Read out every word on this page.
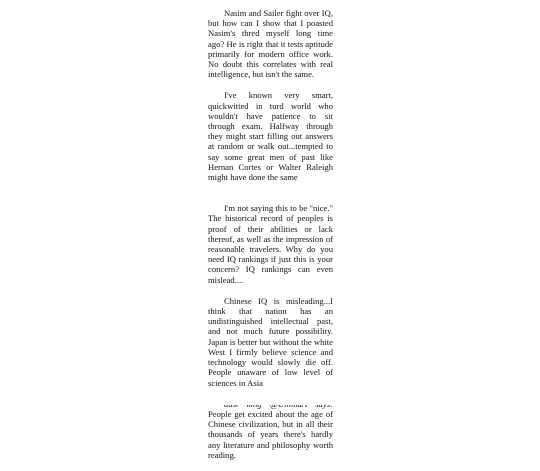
Nasim and Sailer fight over IQ, but how can I show that I poasted Nasim's thred myself long time ago? He is right that it tests aptitude primarily for modern office work. No doubt this correlates with real intelligence, but isn't the same.

I've known very smart, quickwitted in turd world who wouldn't have patience to sit through exam. Halfway through they might start filling out answers at random or walk out...tempted to say some great men of past like Hernan Cortes or Walter Raleigh might have done the same

I'm not saying this to be "nice." The historical record of peoples is proof of their abilities or lack thereof, as well as the impression of reasonable travelers. Why do you need IQ rankings if just this is your concern? IQ rankings can even mislead....

Chinese IQ is misleading...I think that nation has an undistinguished intellectual past, and not much future possibility. Japan is better but without the white West I firmly believe science and technology would slowly die off. People unaware of low level of sciences in Asia

People get excited about the age of Chinese civilization, but in all their thousands of years there's hardly any literature and philosophy worth reading.
